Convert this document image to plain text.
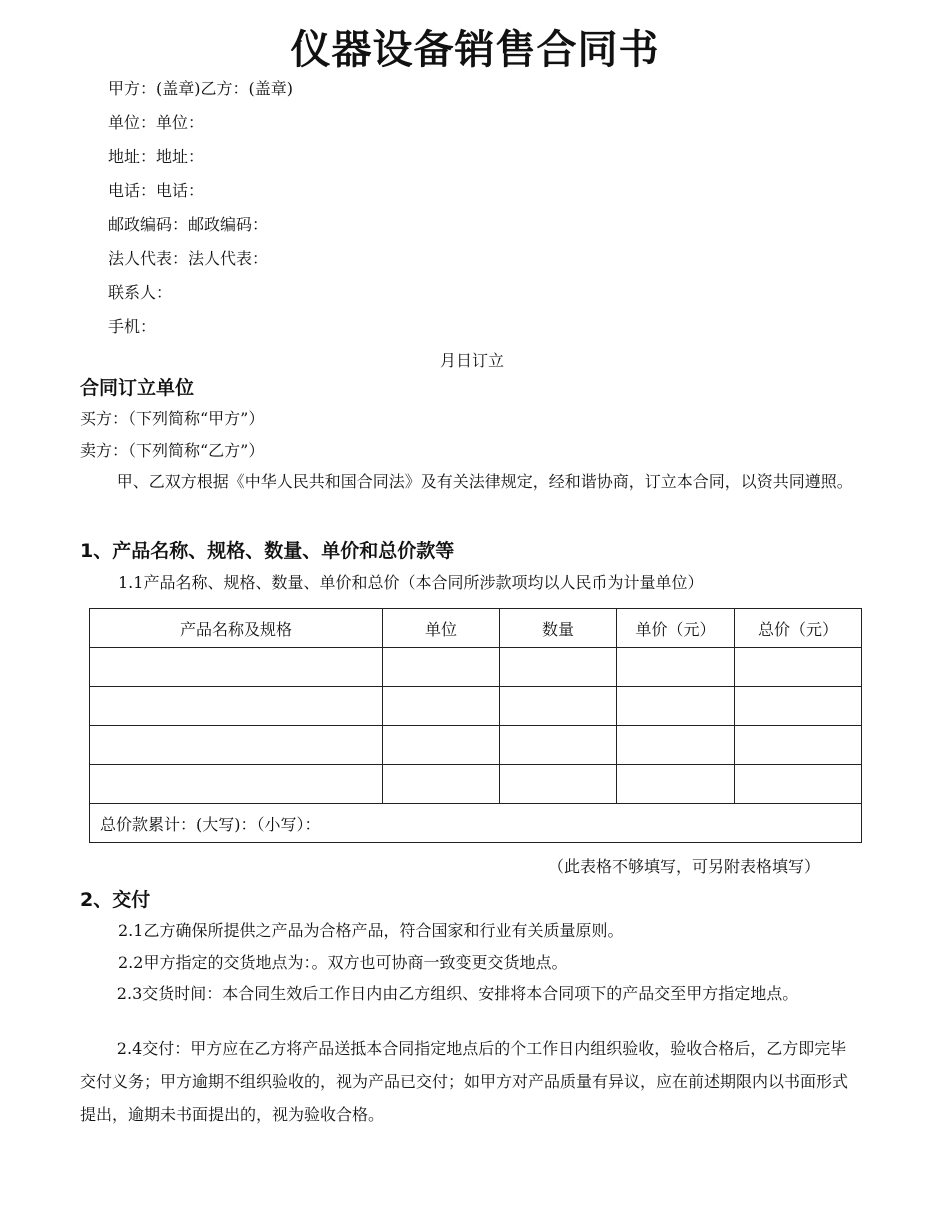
仪器设备销售合同书
甲方：(盖章)乙方：(盖章)
单位：单位：
地址：地址：
电话：电话：
邮政编码：邮政编码：
法人代表：法人代表：
联系人：
手机：
月日订立
合同订立单位
买方：（下列简称“甲方”）
卖方：（下列简称“乙方”）
甲、乙双方根据《中华人民共和国合同法》及有关法律规定，经和谐协商，订立本合同，以资共同遵照。
1、产品名称、规格、数量、单价和总价款等
1.1产品名称、规格、数量、单价和总价（本合同所涉款项均以人民币为计量单位）
产品名称及规格	单位	数量	单价（元）	总价（元）

总价款累计：(大写)：（小写）：				
（此表格不够填写，可另附表格填写）
2、交付
2.1乙方确保所提供之产品为合格产品，符合国家和行业有关质量原则。
2.2甲方指定的交货地点为：。双方也可协商一致变更交货地点。
2.3交货时间：本合同生效后工作日内由乙方组织、安排将本合同项下的产品交至甲方指定地点。
2.4交付：甲方应在乙方将产品送抵本合同指定地点后的个工作日内组织验收，验收合格后，乙方即完毕交付义务；甲方逾期不组织验收的，视为产品已交付；如甲方对产品质量有异议，应在前述期限内以书面形式提出，逾期未书面提出的，视为验收合格。
